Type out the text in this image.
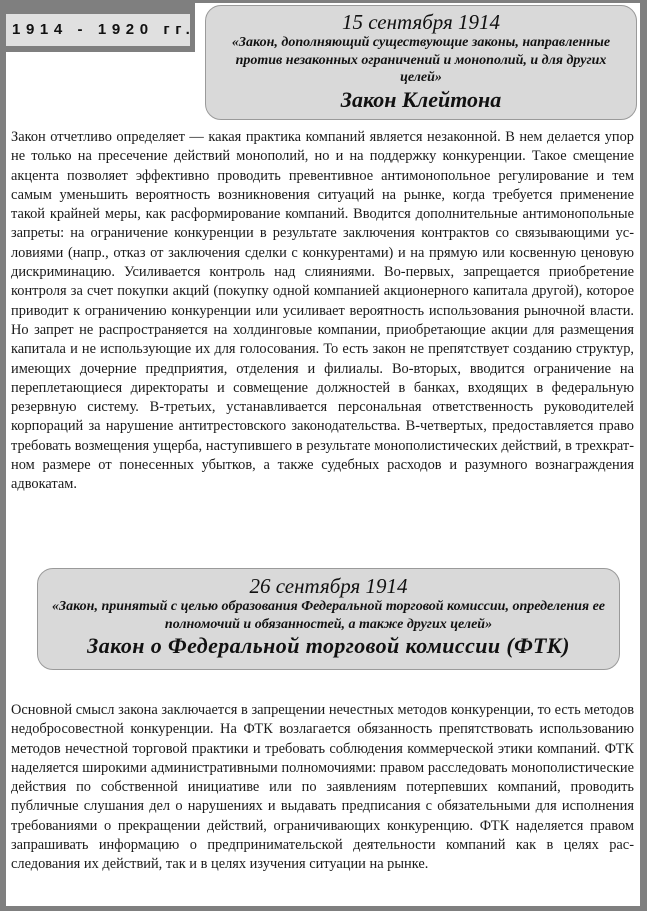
1914 - 1920 гг.	15 сентября 1914
«Закон, дополняющий существующие законы, направленные против незаконных ограничений и монополий, и для других целей»
Закон Клейтона
Закон отчетливо определяет — какая практика компаний является незаконной. В нем делается упор не только на пресечение действий монополий, но и на поддержку конкуренции. Такое смещение акцента позволяет эффективно проводить превентивное антимонопольное регулирование и тем самым уменьшить вероятность возникновения ситуаций на рынке, когда требуется применение такой крайней меры, как расформирование компаний. Вводится дополнительные антимонопольные запреты: на ограничение конкуренции в результате заключения контрактов со связывающими условиями (напр., отказ от заключения сделки с конкурентами) и на прямую или косвенную ценовую дискриминацию. Усиливается контроль над слияниями. Во-первых, запрещается приобретение контроля за счет покупки акций (покупку одной компанией акционерного капитала другой), которое приводит к ограничению конкуренции или усиливает вероятность использования рыночной власти. Но запрет не распространяется на холдинговые компании, приобретающие акции для размещения капитала и не использующие их для голосования. То есть закон не препятствует созданию структур, имеющих дочерние предприятия, отделения и филиалы. Во-вторых, вводится ограничение на переплетающиеся директораты и совмещение должностей в банках, входящих в федеральную резервную систему. В-третьих, устанавливается персональная ответственность руководителей корпораций за нарушение антитрестовского законодательства. В-четвертых, предоставляется право требовать возмещения ущерба, наступившего в результате монополистических действий, в трехкратном размере от понесенных убытков, а также судебных расходов и разумного вознаграждения адвокатам.
26 сентября 1914
«Закон, принятый с целью образования Федеральной торговой комиссии, определения ее полномочий и обязанностей, а также других целей»
Закон о Федеральной торговой комиссии (ФТК)
Основной смысл закона заключается в запрещении нечестных методов конкуренции, то есть методов недобросовестной конкуренции. На ФТК возлагается обязанность препятствовать использованию методов нечестной торговой практики и требовать соблюдения коммерческой этики компаний. ФТК наделяется широкими административными полномочиями: правом расследовать монополистические действия по собственной инициативе или по заявлениям потерпевших компаний, проводить публичные слушания дел о нарушениях и выдавать предписания с обязательными для исполнения требованиями о прекращении действий, ограничивающих конкуренцию. ФТК наделяется правом запрашивать информацию о предпринимательской деятельности компаний как в целях расследования их действий, так и в целях изучения ситуации на рынке.
